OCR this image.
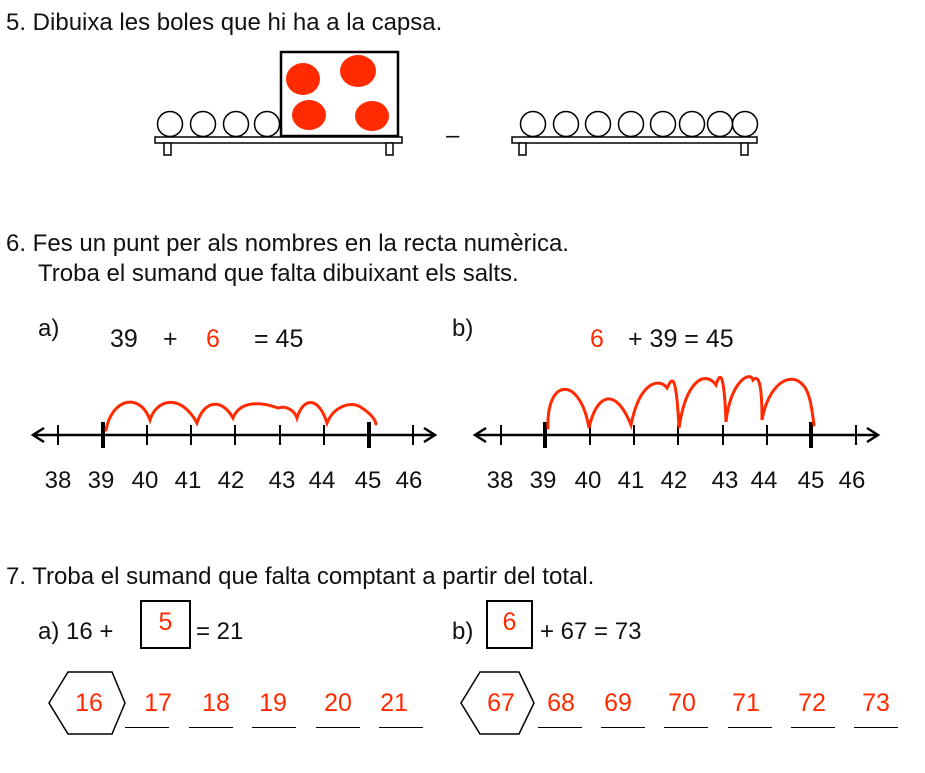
5. Dibuixa les boles que hi ha a la capsa.
–
6. Fes un punt per als nombres en la recta numèrica.
Troba el sumand que falta dibuixant els salts.
a) 39 + 6 = 45	b)	6 + 39 = 45
38 39 40 41 42 43 44 45 46	38 39 40 41 42 43 44 45 46
7. Troba el sumand que falta comptant a partir del total.
a) 16 +	5 = 21	b)	6 + 67 = 73
16 17 18 19 20 21	67 68 69 70 71 72 73
